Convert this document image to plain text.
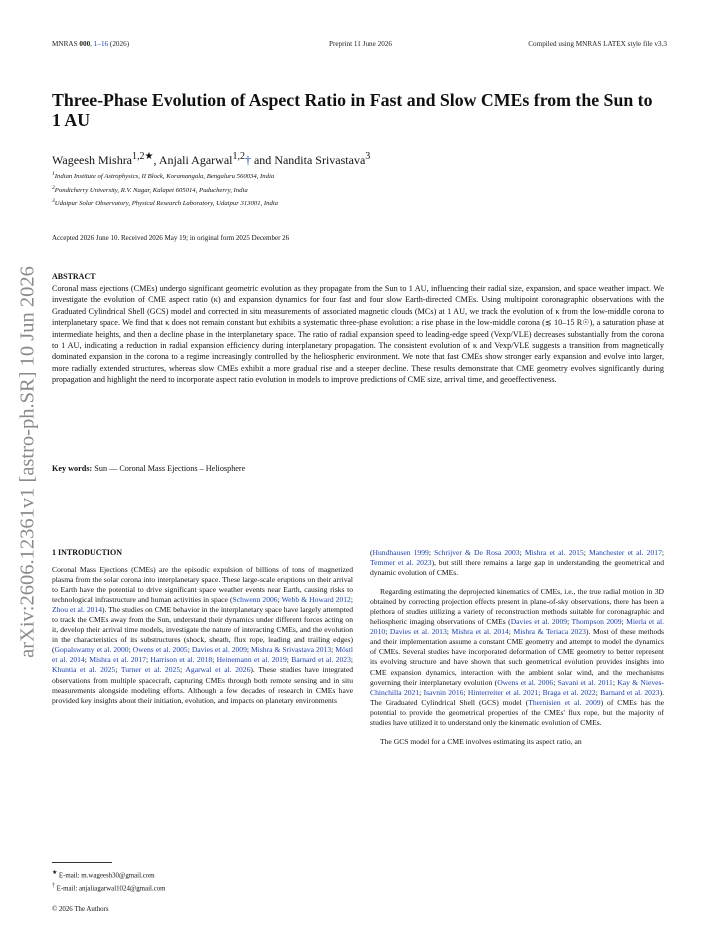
MNRAS 000, 1–16 (2026)	Preprint 11 June 2026	Compiled using MNRAS LATEX style file v3.3
arXiv:2606.12361v1 [astro-ph.SR] 10 Jun 2026
Three-Phase Evolution of Aspect Ratio in Fast and Slow CMEs from the Sun to 1 AU
Wageesh Mishra$^{1,2★}$, Anjali Agarwal$^{1,2}$† and Nandita Srivastava$^3$
$^1$Indian Institute of Astrophysics, II Block, Koramangala, Bengaluru 560034, India
$^2$Pondicherry University, R.V. Nagar, Kalapet 605014, Puducherry, India
$^3$Udaipur Solar Observatory, Physical Research Laboratory, Udaipur 313001, India
Accepted 2026 June 10. Received 2026 May 19; in original form 2025 December 26
ABSTRACT

Coronal mass ejections (CMEs) undergo significant geometric evolution as they propagate from the Sun to 1 AU, influencing their radial size, expansion, and space weather impact. We investigate the evolution of CME aspect ratio (κ) and expansion dynamics for four fast and four slow Earth-directed CMEs. Using multipoint coronagraphic observations with the Graduated Cylindrical Shell (GCS) model and corrected in situ measurements of associated magnetic clouds (MCs) at 1 AU, we track the evolution of κ from the low-middle corona to interplanetary space. We find that κ does not remain constant but exhibits a systematic three-phase evolution: a rise phase in the low-middle corona (≲ 10–15 R☉), a saturation phase at intermediate heights, and then a decline phase in the interplanetary space. The ratio of radial expansion speed to leading-edge speed (Vexp/VLE) decreases substantially from the corona to 1 AU, indicating a reduction in radial expansion efficiency during interplanetary propagation. The consistent evolution of κ and Vexp/VLE suggests a transition from magnetically dominated expansion in the corona to a regime increasingly controlled by the heliospheric environment. We note that fast CMEs show stronger early expansion and evolve into larger, more radially extended structures, whereas slow CMEs exhibit a more gradual rise and a steeper decline. These results demonstrate that CME geometry evolves significantly during propagation and highlight the need to incorporate aspect ratio evolution in models to improve predictions of CME size, arrival time, and geoeffectiveness.

Key words: Sun — Coronal Mass Ejections – Heliosphere
1 INTRODUCTION

Coronal Mass Ejections (CMEs) are the episodic expulsion of billions of tons of magnetized plasma from the solar corona into interplanetary space. These large-scale eruptions on their arrival to Earth have the potential to drive significant space weather events near Earth, causing risks to technological infrastructure and human activities in space (Schwenn 2006; Webb & Howard 2012; Zhou et al. 2014). The studies on CME behavior in the interplanetary space have largely attempted to track the CMEs away from the Sun, understand their dynamics under different forces acting on it, develop their arrival time models, investigate the nature of interacting CMEs, and the evolution in the characteristics of its substructures (shock, sheath, flux rope, leading and trailing edges) (Gopalswamy et al. 2000; Owens et al. 2005; Davies et al. 2009; Mishra & Srivastava 2013; Möstl et al. 2014; Mishra et al. 2017; Harrison et al. 2018; Heinemann et al. 2019; Barnard et al. 2023; Khuntia et al. 2025; Turner et al. 2025; Agarwal et al. 2026). These studies have integrated observations from multiple spacecraft, capturing CMEs through both remote sensing and in situ measurements alongside modeling efforts. Although a few decades of research in CMEs have provided key insights about their initiation, evolution, and impacts on planetary environments

(Hundhausen 1999; Schrijver & De Rosa 2003; Mishra et al. 2015; Manchester et al. 2017; Temmer et al. 2023), but still there remains a large gap in understanding the geometrical and dynamic evolution of CMEs.

Regarding estimating the deprojected kinematics of CMEs, i.e., the true radial motion in 3D obtained by correcting projection effects present in plane-of-sky observations, there has been a plethora of studies utilizing a variety of reconstruction methods suitable for coronagraphic and heliospheric imaging observations of CMEs (Davies et al. 2009; Thompson 2009; Mierla et al. 2010; Davies et al. 2013; Mishra et al. 2014; Mishra & Teriaca 2023). Most of these methods and their implementation assume a constant CME geometry and attempt to model the dynamics of CMEs. Several studies have incorporated deformation of CME geometry to better represent its evolving structure and have shown that such geometrical evolution provides insights into CME expansion dynamics, interaction with the ambient solar wind, and the mechanisms governing their interplanetary evolution (Owens et al. 2006; Savani et al. 2011; Kay & Nieves-Chinchilla 2021; Isavnin 2016; Hinterreiter et al. 2021; Braga et al. 2022; Barnard et al. 2023). The Graduated Cylindrical Shell (GCS) model (Thernisien et al. 2009) of CMEs has the potential to provide the geometrical properties of the CMEs' flux rope, but the majority of studies have utilized it to understand only the kinematic evolution of CMEs.

The GCS model for a CME involves estimating its aspect ratio, an

★ E-mail: m.wageesh30@gmail.com
† E-mail: anjaliagarwal1024@gmail.com
© 2026 The Authors
